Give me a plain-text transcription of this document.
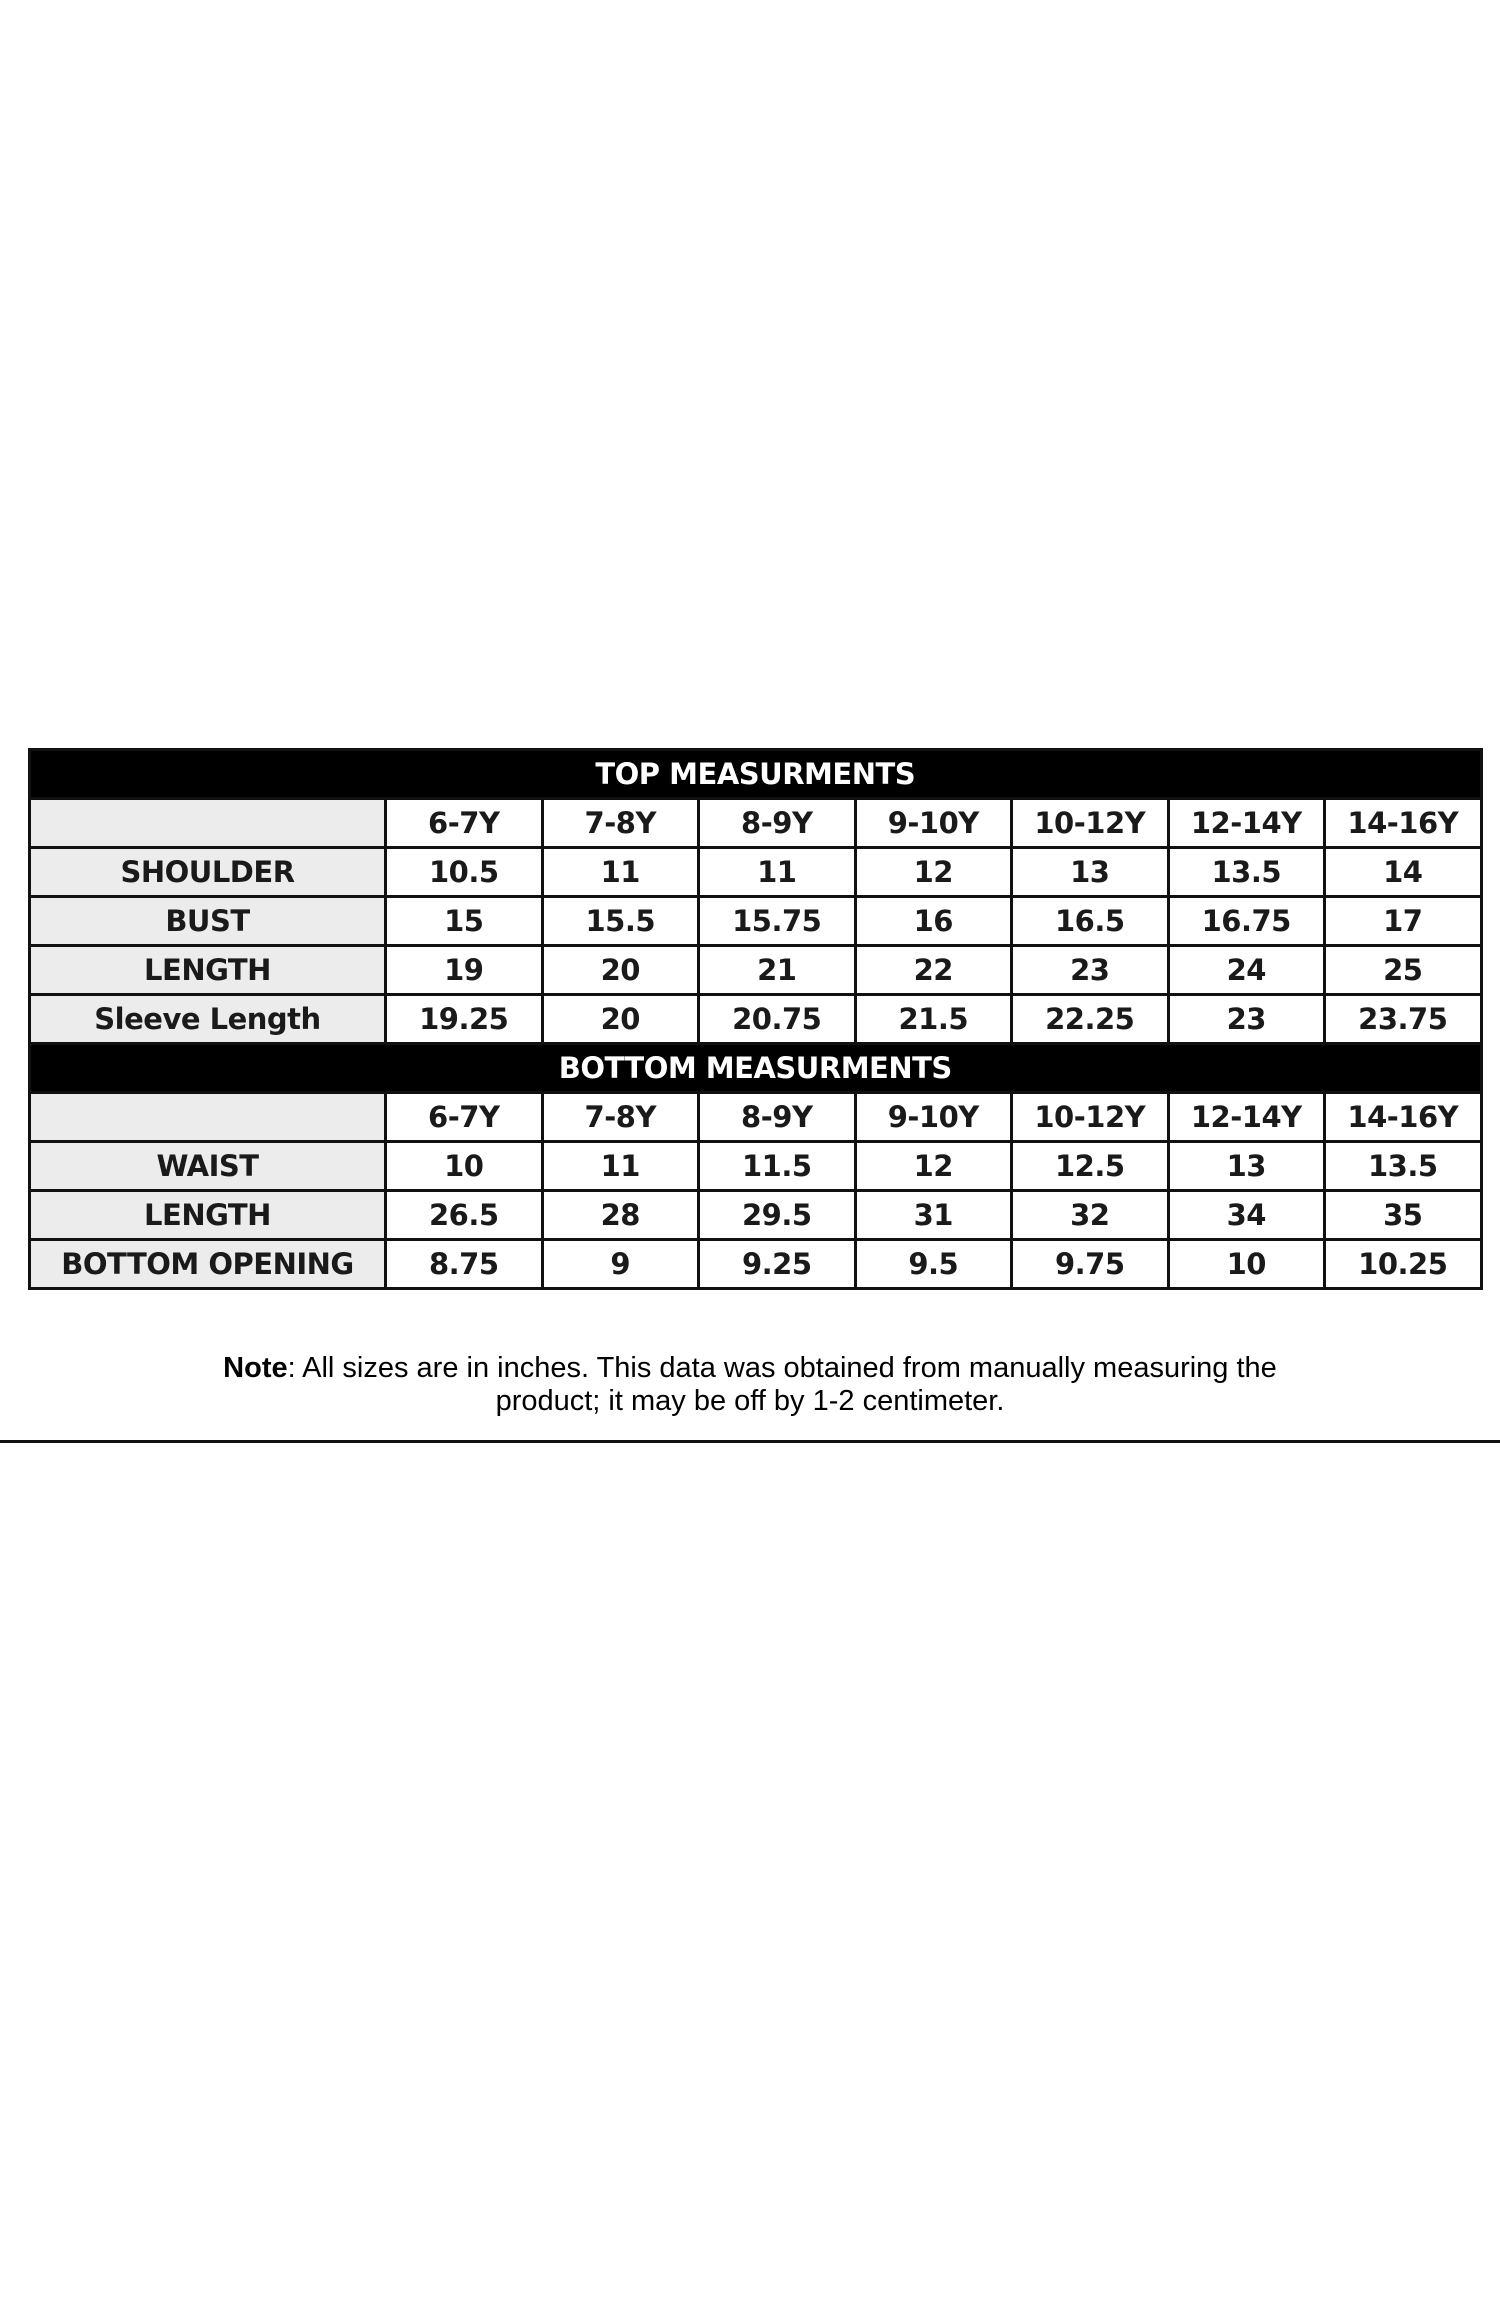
TOP MEASURMENTS							
	6-7Y	7-8Y	8-9Y	9-10Y	10-12Y	12-14Y	14-16Y
SHOULDER	10.5	11	11	12	13	13.5	14
BUST	15	15.5	15.75	16	16.5	16.75	17
LENGTH	19	20	21	22	23	24	25
Sleeve Length	19.25	20	20.75	21.5	22.25	23	23.75
BOTTOM MEASURMENTS							
	6-7Y	7-8Y	8-9Y	9-10Y	10-12Y	12-14Y	14-16Y
WAIST	10	11	11.5	12	12.5	13	13.5
LENGTH	26.5	28	29.5	31	32	34	35
BOTTOM OPENING	8.75	9	9.25	9.5	9.75	10	10.25
Note: All sizes are in inches. This data was obtained from manually measuring the
product; it may be off by 1-2 centimeter.
